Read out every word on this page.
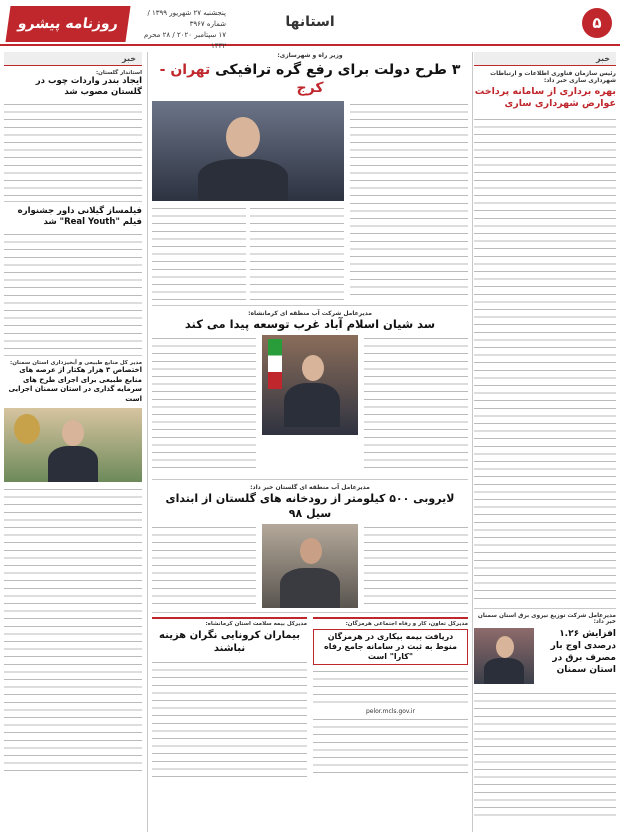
روزنامه پیشرو
پنجشنبه ۲۷ شهریور ۱۳۹۹ / شماره ۳۹۶۷
۱۷ سپتامبر ۲۰۲۰ / ۲۸ محرم ۱۴۴۲
استانها	۵
خبر
رئیس سازمان فناوری اطلاعات و ارتباطات شهرداری ساری خبر داد:
بهره برداری از سامانه پرداخت عوارض شهرداری ساری
مدیرعامل شرکت توزیع نیروی برق استان سمنان خبر داد:
افزایش ۱.۲۶ درصدی اوج بار مصرف برق در استان سمنان
وزیر راه و شهرسازی:
۳ طرح دولت برای رفع گره ترافیکی تهران - کرج
مدیرعامل شرکت آب منطقه ای کرمانشاه:
سد شیان اسلام آباد غرب توسعه پیدا می کند
مدیرعامل آب منطقه ای گلستان خبر داد:
لایروبی ۵۰۰ کیلومتر از رودخانه های گلستان از ابتدای سیل ۹۸
مدیرکل تعاون، کار و رفاه اجتماعی هرمزگان:
دریافت بیمه بیکاری در هرمزگان منوط به ثبت در سامانه جامع رفاه "کارا" است
pelor.mcls.gov.ir
مدیرکل بیمه سلامت استان کرمانشاه:
بیماران کرونایی نگران هزینه نباشند
خبر
استاندار گلستان:
ایجاد بندر واردات چوب در گلستان مصوب شد
فیلمساز گیلانی داور جشنواره فیلم "Real Youth" شد
مدیر کل منابع طبیعی و آبخیزداری استان سمنان:
اختصاص ۳ هزار هکتار از عرصه های منابع طبیعی برای اجرای طرح های سرمایه گذاری در استان سمنان اجرایی است
